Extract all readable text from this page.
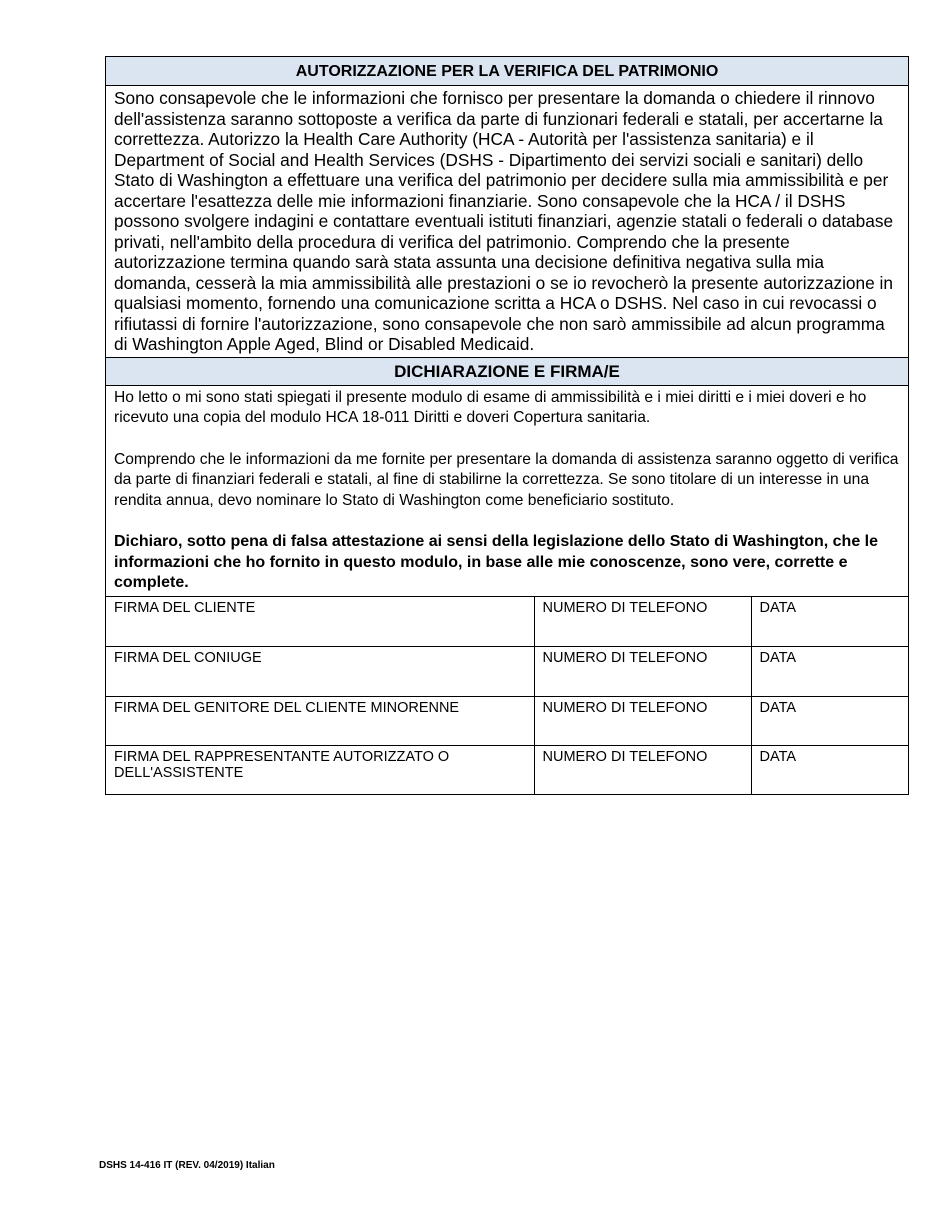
AUTORIZZAZIONE PER LA VERIFICA DEL PATRIMONIO
Sono consapevole che le informazioni che fornisco per presentare la domanda o chiedere il rinnovo dell'assistenza saranno sottoposte a verifica da parte di funzionari federali e statali, per accertarne la correttezza. Autorizzo la Health Care Authority (HCA - Autorità per l'assistenza sanitaria) e il Department of Social and Health Services (DSHS - Dipartimento dei servizi sociali e sanitari) dello Stato di Washington a effettuare una verifica del patrimonio per decidere sulla mia ammissibilità e per accertare l'esattezza delle mie informazioni finanziarie. Sono consapevole che la HCA / il DSHS possono svolgere indagini e contattare eventuali istituti finanziari, agenzie statali o federali o database privati, nell'ambito della procedura di verifica del patrimonio. Comprendo che la presente autorizzazione termina quando sarà stata assunta una decisione definitiva negativa sulla mia domanda, cesserà la mia ammissibilità alle prestazioni o se io revocherò la presente autorizzazione in qualsiasi momento, fornendo una comunicazione scritta a HCA o DSHS. Nel caso in cui revocassi o rifiutassi di fornire l'autorizzazione, sono consapevole che non sarò ammissibile ad alcun programma di Washington Apple Aged, Blind or Disabled Medicaid.
DICHIARAZIONE E FIRMA/E

Ho letto o mi sono stati spiegati il presente modulo di esame di ammissibilità e i miei diritti e i miei doveri e ho ricevuto una copia del modulo HCA 18-011 Diritti e doveri Copertura sanitaria.

Comprendo che le informazioni da me fornite per presentare la domanda di assistenza saranno oggetto di verifica da parte di finanziari federali e statali, al fine di stabilirne la correttezza. Se sono titolare di un interesse in una rendita annua, devo nominare lo Stato di Washington come beneficiario sostituto.

Dichiaro, sotto pena di falsa attestazione ai sensi della legislazione dello Stato di Washington, che le informazioni che ho fornito in questo modulo, in base alle mie conoscenze, sono vere, corrette e complete.

FIRMA DEL CLIENTE	NUMERO DI TELEFONO	DATA
FIRMA DEL CONIUGE	NUMERO DI TELEFONO	DATA
FIRMA DEL GENITORE DEL CLIENTE MINORENNE	NUMERO DI TELEFONO	DATA
FIRMA DEL RAPPRESENTANTE AUTORIZZATO O DELL'ASSISTENTE	NUMERO DI TELEFONO	DATA
DSHS 14-416 IT (REV. 04/2019) Italian
